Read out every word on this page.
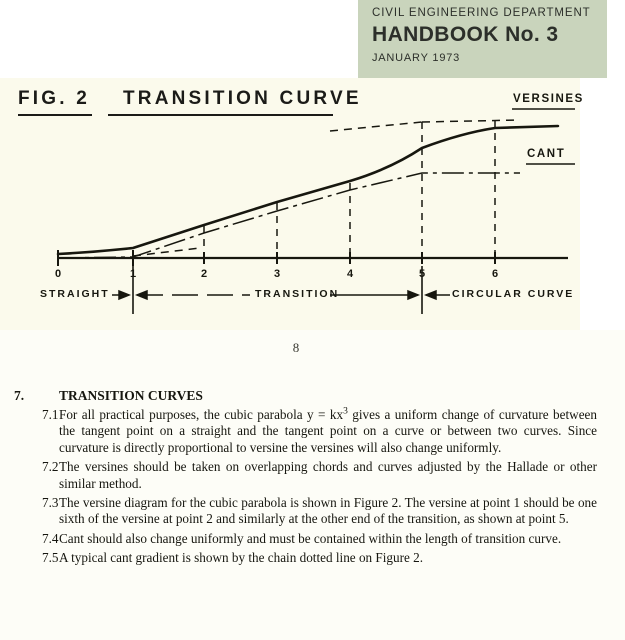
CIVIL ENGINEERING DEPARTMENT
HANDBOOK No. 3
JANUARY 1973
FIG. 2 TRANSITION CURVE	VERSINES
CANT
0	1	2	3	4	5	6
STRAIGHT	TRANSITION	CIRCULAR CURVE
8
7.	TRANSITION CURVES
7.1 For all practical purposes, the cubic parabola $y = kx^3$ gives a uniform change of curvature between the tangent point on a straight and the tangent point on a curve or between two curves. Since curvature is directly proportional to versine the versines will also change uniformly.
7.2 The versines should be taken on overlapping chords and curves adjusted by the Hallade or other similar method.
7.3 The versine diagram for the cubic parabola is shown in Figure 2. The versine at point 1 should be one sixth of the versine at point 2 and similarly at the other end of the transition, as shown at point 5.
7.4 Cant should also change uniformly and must be contained within the length of transition curve.
7.5 A typical cant gradient is shown by the chain dotted line on Figure 2.
